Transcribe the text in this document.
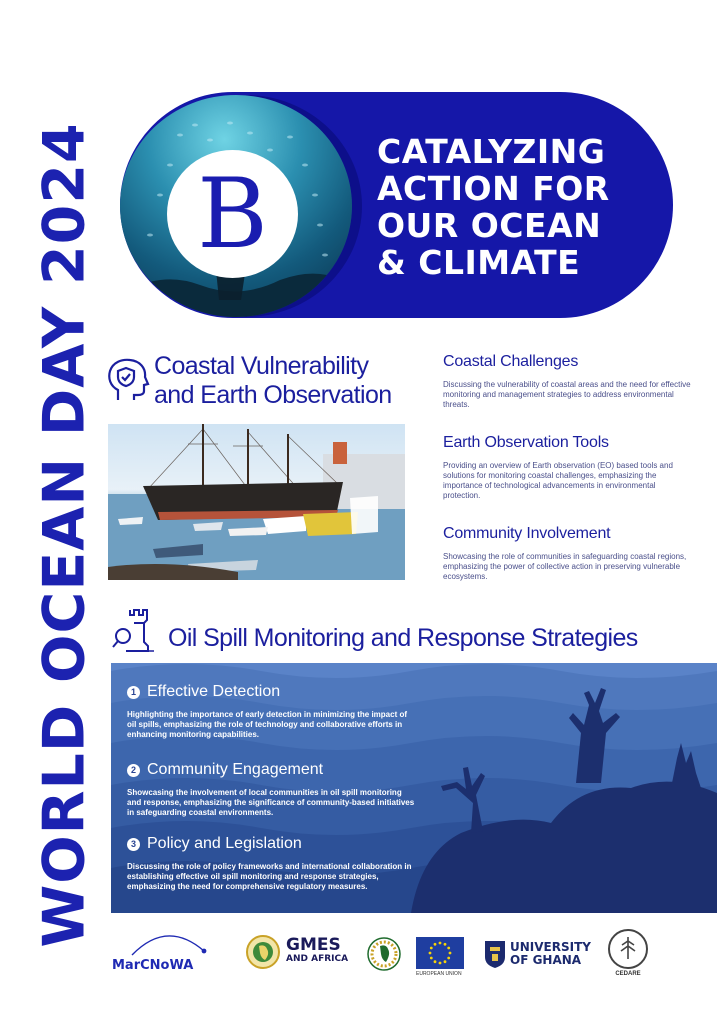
WORLD OCEAN DAY 2024 B
CATALYZING
ACTION FOR
OUR OCEAN
& CLIMATE
Coastal Vulnerability
and Earth Observation
Coastal Challenges
Discussing the vulnerability of coastal areas and the need for effective monitoring and management strategies to address environmental threats.
Earth Observation Tools
Providing an overview of Earth observation (EO) based tools and solutions for monitoring coastal challenges, emphasizing the importance of technological advancements in environmental protection.
Community Involvement
Showcasing the role of communities in safeguarding coastal regions, emphasizing the power of collective action in preserving vulnerable ecosystems.
Oil Spill Monitoring and Response Strategies
1 Effective Detection
Highlighting the importance of early detection in minimizing the impact of oil spills, emphasizing the role of technology and collaborative efforts in enhancing monitoring capabilities.
2 Community Engagement
Showcasing the involvement of local communities in oil spill monitoring and response, emphasizing the significance of community-based initiatives in safeguarding coastal environments.
3 Policy and Legislation
Discussing the role of policy frameworks and international collaboration in establishing effective oil spill monitoring and response strategies, emphasizing the need for comprehensive regulatory measures.
MarCNoWA
GMES
AND AFRICA
EUROPEAN UNION
UNIVERSITY
OF GHANA
CEDARE
